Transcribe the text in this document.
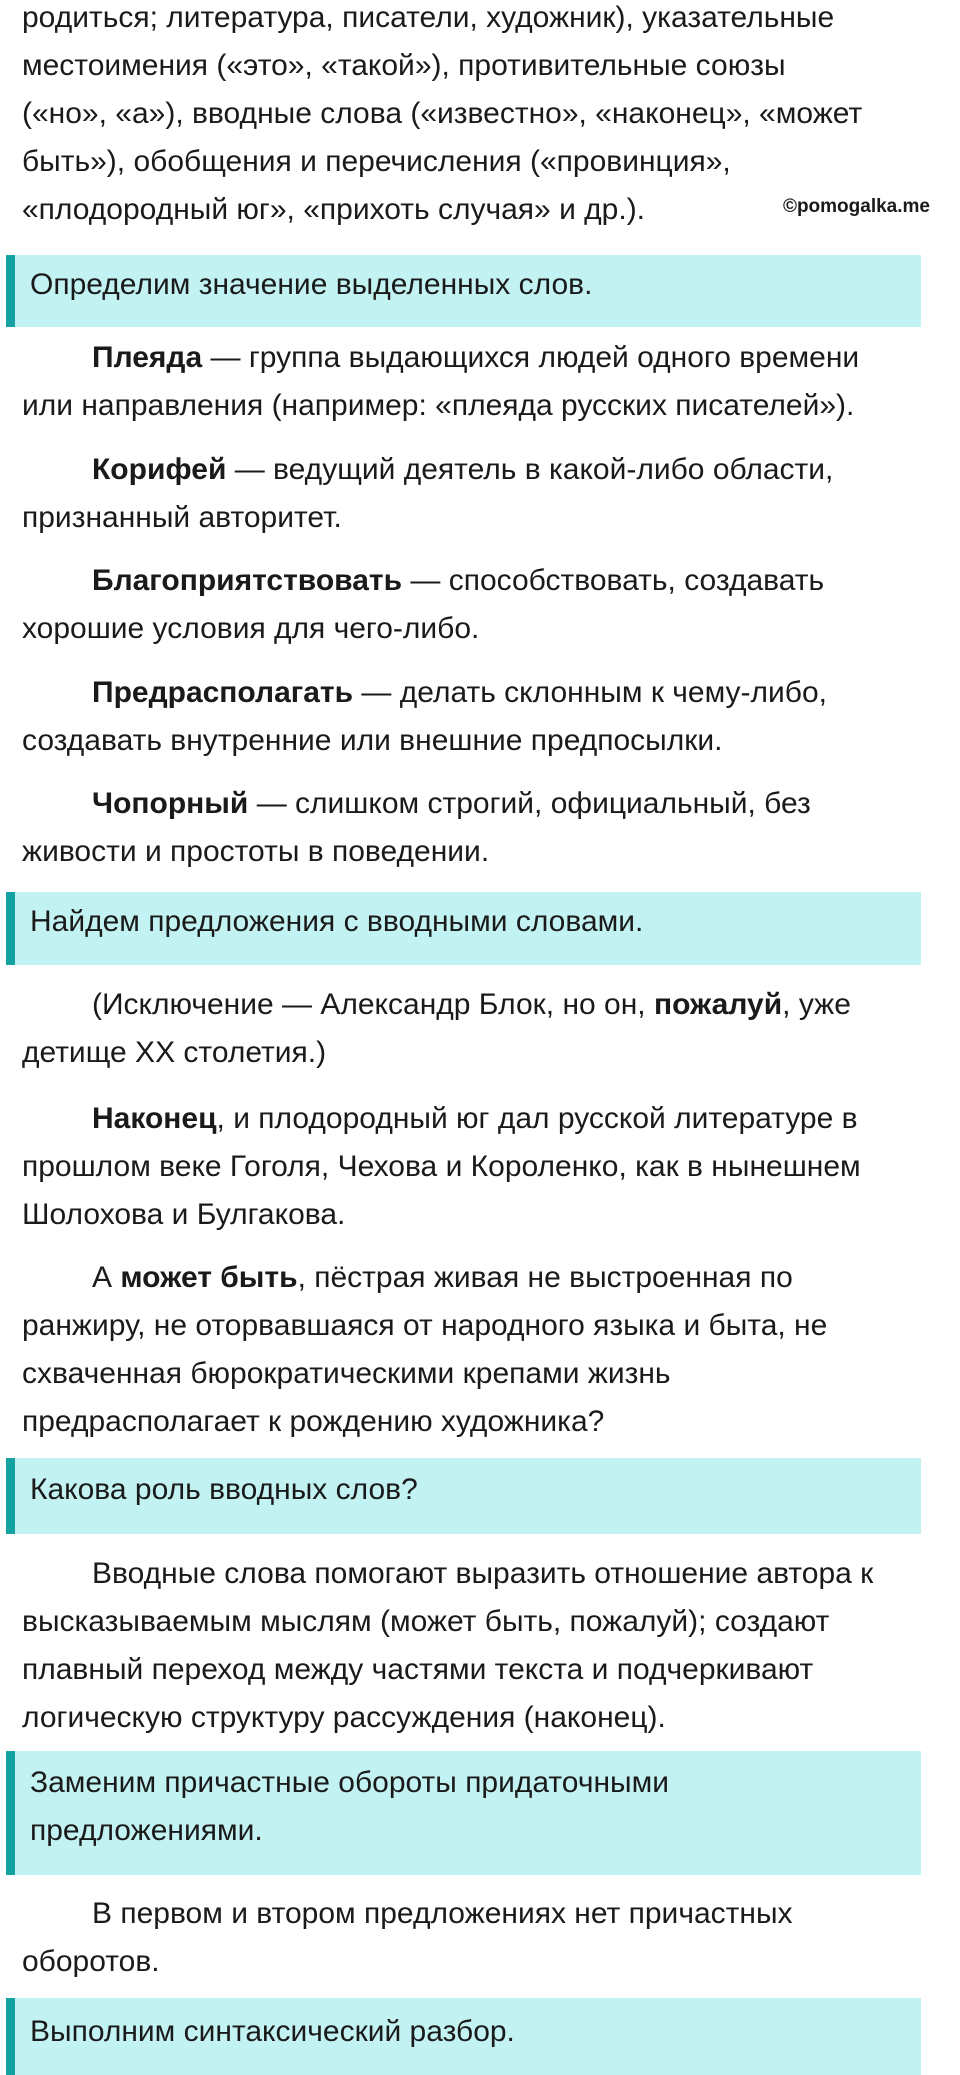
родиться; литература, писатели, художник), указательные
местоимения («это», «такой»), противительные союзы
(«но», «а»), вводные слова («известно», «наконец», «может
быть»), обобщения и перечисления («провинция»,
«плодородный юг», «прихоть случая» и др.).	©pomogalka.me
Определим значение выделенных слов.
Плеяда — группа выдающихся людей одного времени
или направления (например: «плеяда русских писателей»).
Корифей — ведущий деятель в какой-либо области,
признанный авторитет.
Благоприятствовать — способствовать, создавать
хорошие условия для чего-либо.
Предрасполагать — делать склонным к чему-либо,
создавать внутренние или внешние предпосылки.
Чопорный — слишком строгий, официальный, без
живости и простоты в поведении.
Найдем предложения с вводными словами.
(Исключение — Александр Блок, но он, пожалуй, уже
детище XX столетия.)
Наконец, и плодородный юг дал русской литературе в
прошлом веке Гоголя, Чехова и Короленко, как в нынешнем
Шолохова и Булгакова.
А может быть, пёстрая живая не выстроенная по
ранжиру, не оторвавшаяся от народного языка и быта, не
схваченная бюрократическими крепами жизнь
предрасполагает к рождению художника?
Какова роль вводных слов?
Вводные слова помогают выразить отношение автора к
высказываемым мыслям (может быть, пожалуй); создают
плавный переход между частями текста и подчеркивают
логическую структуру рассуждения (наконец).
Заменим причастные обороты придаточными
предложениями.
В первом и втором предложениях нет причастных
оборотов.
Выполним синтаксический разбор.
